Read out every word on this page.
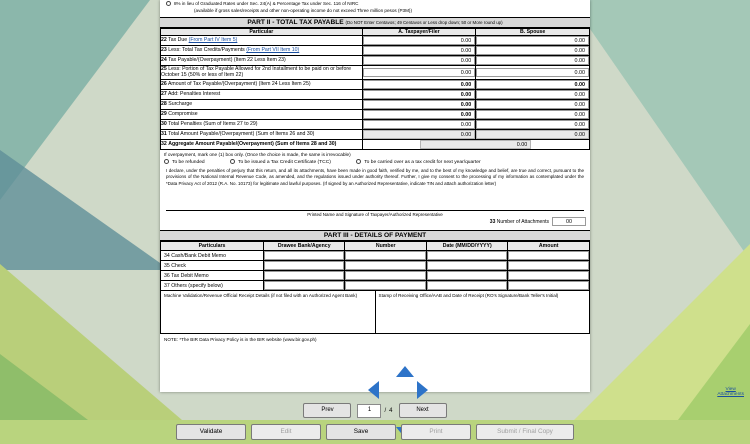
8% in lieu of Graduated Rates under Sec. 24(A) & Percentage Tax under Sec. 116 of NIRC
(available if gross sales/receipts and other non-operating income do not exceed Three million pesos (P3M))
PART II - TOTAL TAX PAYABLE (Do NOT Enter Centavos; 49 Centavos or Less drop down; 50 or More round up)
Particular	A. Taxpayer/Filer	B. Spouse
22 Tax Due (From Part IV Item 5)	0.00	0.00

23 Less: Total Tax Credits/Payments (From Part VII Item 10)	0.00	0.00

24 Tax Payable/(Overpayment) (Item 22 Less Item 23)	0.00	0.00

25 Less: Portion of Tax Payable Allowed for 2nd Installment to be paid on or before October 15 (50% or less of Item 22)	0.00	0.00

26 Amount of Tax Payable/(Overpayment) (Item 24 Less Item 25)	0.00	0.00

27 Add: Penalties Interest	0.00	0.00

28 Surcharge	0.00	0.00

29 Compromise	0.00	0.00

30 Total Penalties (Sum of Items 27 to 29)	0.00	0.00

31 Total Amount Payable/(Overpayment) (Sum of Items 26 and 30)	0.00	0.00

32 Aggregate Amount Payable/(Overpayment) (Sum of Items 28 and 30)	0.00	
If overpayment, mark one (1) box only. (Once the choice is made, the same is irrevocable)
To be refunded	To be issued a Tax Credit Certificate (TCC)	To be carried over as a tax credit for next year/quarter
I declare, under the penalties of perjury that this return, and all its attachments, have been made in good faith, verified by me, and to the best of my knowledge and belief, are true and correct, pursuant to the provisions of the National Internal Revenue Code, as amended, and the regulations issued under authority thereof. Further, I give my consent to the processing of my information as contemplated under the *Data Privacy Act of 2012 (R.A. No. 10173) for legitimate and lawful purposes. (If signed by an Authorized Representative, indicate TIN and attach authorization letter)
Printed Name and Signature of Taxpayer/Authorized Representative
33 Number of Attachments	00
PART III - DETAILS OF PAYMENT
Particulars	Drawee Bank/Agency	Number	Date (MM/DD/YYYY)	Amount
34 Cash/Bank Debit Memo	

35 Check	

36 Tax Debit Memo	

37 Others (specify below)	

Machine Validation/Revenue Official Receipt Details (if not filed with an Authorized Agent Bank)	Stamp of Receiving Office/AAB and Date of Receipt (RO's Signature/Bank Teller's Initial)
NOTE: *The BIR Data Privacy Policy is in the BIR website (www.bir.gov.ph)
View
Attachments
Prev	1	/ 4	Next
Validate	Edit	Save	Print	Submit / Final Copy
